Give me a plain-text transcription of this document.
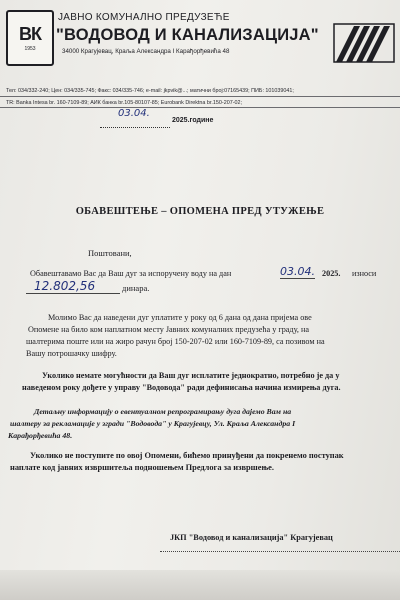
ВК
1953
ЈАВНО КОМУНАЛНО ПРЕДУЗЕЋЕ
"ВОДОВОД И КАНАЛИЗАЦИЈА"
34000 Крагујевац, Краља Александра I Карађорђевића 48
Тел: 034/332-240; Цен: 034/335-745; Факс: 034/335-746; e-mail: jkpvik@...; матични број:07165439; ПИБ: 101039041;
ТR: Banka Intesa br. 160-7109-89; АИК банка br.105-80107-85; Eurobank Direktna br.150-207-02;
03.04.
2025.године
ОБАВЕШТЕЊЕ – ОПОМЕНА ПРЕД УТУЖЕЊЕ
Поштовани,
Обавештавамо Вас да Ваш дуг за испоручену воду на дан	03.04. 2025. износи
12.802,56	динара.
Молимо Вас да наведени дуг уплатите у року од 6 дана од дана пријема ове
Опомене на било ком наплатном месту Јавних комуналних предузећа у граду, на
шалтерима поште или на жиро рачун број 150-207-02 или 160-7109-89, са позивом на
Вашу потрошачку шифру.
Уколико немате могућности да Ваш дуг исплатите једнократно, потребно је да у
наведеном року дођете у управу "Водовода" ради дефинисања начина измирења дуга.
Детаљну информацију о евентуалном репрограмирању дуга дајемо Вам на
шалтеру за рекламације у згради "Водовода" у Крагујевцу, Ул. Краља Александра I
Карађорђевића 48.
Уколико не поступите по овој Опомени, бићемо принуђени да покренемо поступак
наплате код јавних извршитеља подношењем Предлога за извршење.
ЈКП "Водовод и канализација" Крагујевац
